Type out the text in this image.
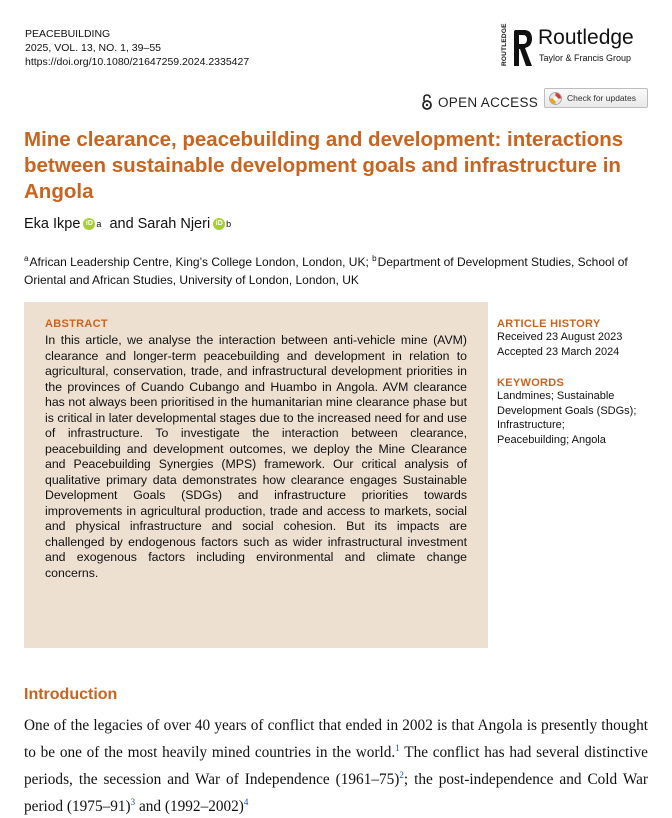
PEACEBUILDING
2025, VOL. 13, NO. 1, 39–55
https://doi.org/10.1080/21647259.2024.2335427	ROUTLEDGE Routledge
Taylor & Francis Group
OPEN ACCESS	Check for updates
Mine clearance, peacebuilding and development: interactions between sustainable development goals and infrastructure in Angola
Eka Ikpe iD a and Sarah Njeri iD b
$^a$African Leadership Centre, King’s College London, London, UK; $^b$Department of Development Studies, School of Oriental and African Studies, University of London, London, UK
ABSTRACT
In this article, we analyse the interaction between anti-vehicle mine (AVM) clearance and longer-term peacebuilding and development in relation to agricultural, conservation, trade, and infrastructural development priorities in the provinces of Cuando Cubango and Huambo in Angola. AVM clearance has not always been prioritised in the humanitarian mine clearance phase but is critical in later developmental stages due to the increased need for and use of infrastructure. To investigate the interaction between clearance, peacebuilding and development outcomes, we deploy the Mine Clearance and Peacebuilding Synergies (MPS) framework. Our critical analysis of qualitative primary data demonstrates how clearance engages Sustainable Development Goals (SDGs) and infrastructure priorities towards improvements in agricultural production, trade and access to markets, social and physical infrastructure and social cohesion. But its impacts are challenged by endogenous factors such as wider infrastructural investment and exogenous factors including environmental and climate change concerns.
ARTICLE HISTORY
Received 23 August 2023
Accepted 23 March 2024
KEYWORDS
Landmines; Sustainable
Development Goals (SDGs);
Infrastructure;
Peacebuilding; Angola
Introduction
One of the legacies of over 40 years of conflict that ended in 2002 is that Angola is presently thought to be one of the most heavily mined countries in the world.$^1$ The conflict has had several distinctive periods, the secession and War of Independence (1961–75)$^2$; the post-independence and Cold War period (1975–91)$^3$ and (1992–2002)$^4$
